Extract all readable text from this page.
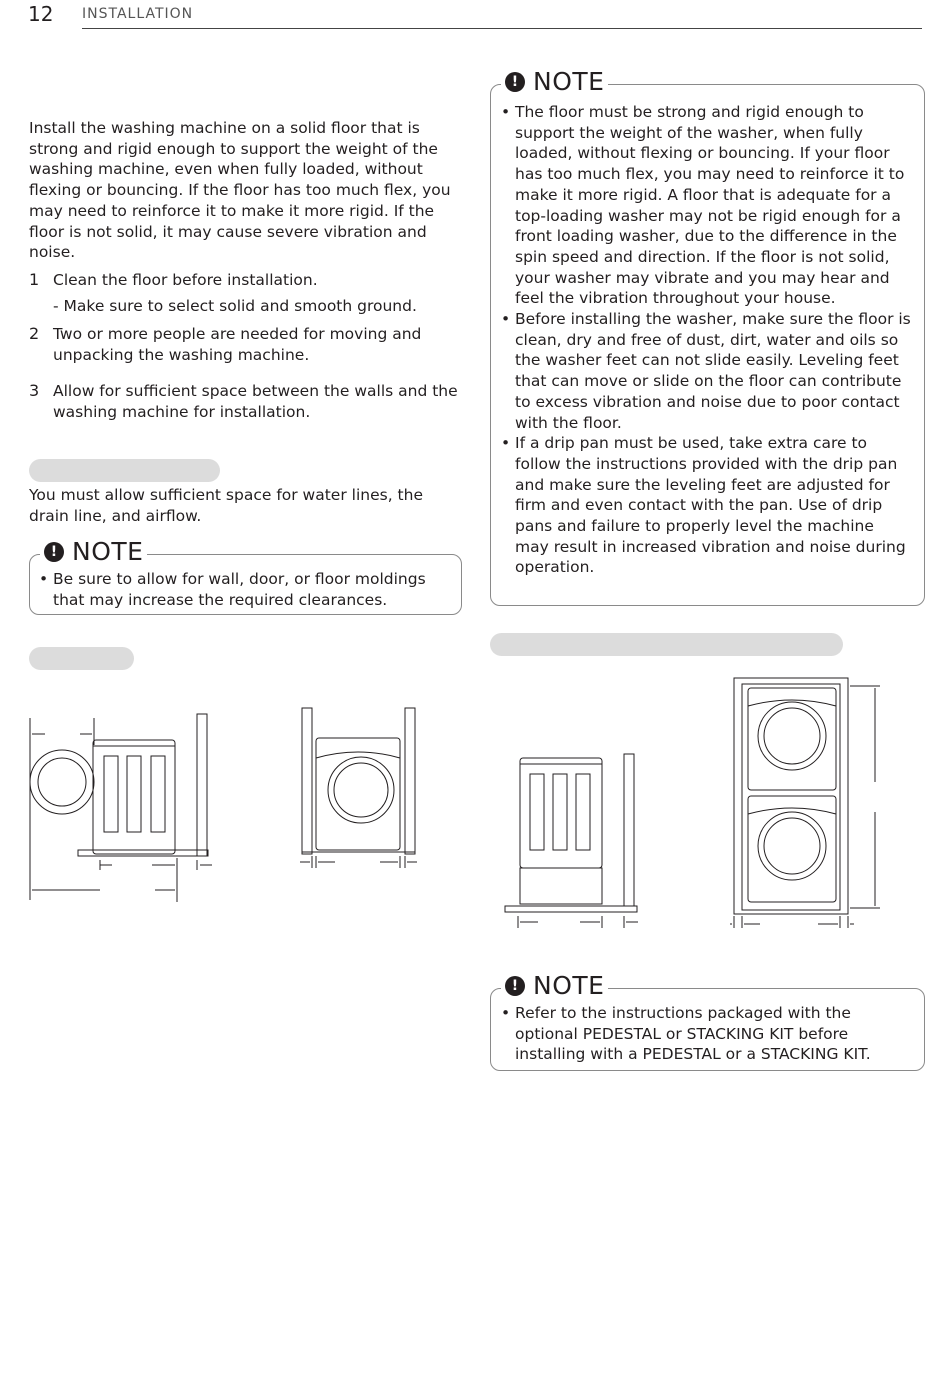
12 INSTALLATION
Install the washing machine on a solid floor that is strong and rigid enough to support the weight of the washing machine, even when fully loaded, without flexing or bouncing. If the floor has too much flex, you may need to reinforce it to make it more rigid. If the floor is not solid, it may cause severe vibration and noise.
1 Clean the floor before installation.
- Make sure to select solid and smooth ground.
2 Two or more people are needed for moving and unpacking the washing machine.
3 Allow for sufficient space between the walls and the washing machine for installation.
You must allow sufficient space for water lines, the drain line, and airflow.
! NOTE
• The floor must be strong and rigid enough to support the weight of the washer, when fully loaded, without flexing or bouncing. If your floor has too much flex, you may need to reinforce it to make it more rigid. A floor that is adequate for a top-loading washer may not be rigid enough for a front loading washer, due to the difference in the spin speed and direction. If the floor is not solid, your washer may vibrate and you may hear and feel the vibration throughout your house.
• Before installing the washer, make sure the floor is clean, dry and free of dust, dirt, water and oils so the washer feet can not slide easily. Leveling feet that can move or slide on the floor can contribute to excess vibration and noise due to poor contact with the floor.
• If a drip pan must be used, take extra care to follow the instructions provided with the drip pan and make sure the leveling feet are adjusted for firm and even contact with the pan. Use of drip pans and failure to properly level the machine may result in increased vibration and noise during operation.
! NOTE
• Be sure to allow for wall, door, or floor moldings that may increase the required clearances.
! NOTE
• Refer to the instructions packaged with the optional PEDESTAL or STACKING KIT before installing with a PEDESTAL or a STACKING KIT.
